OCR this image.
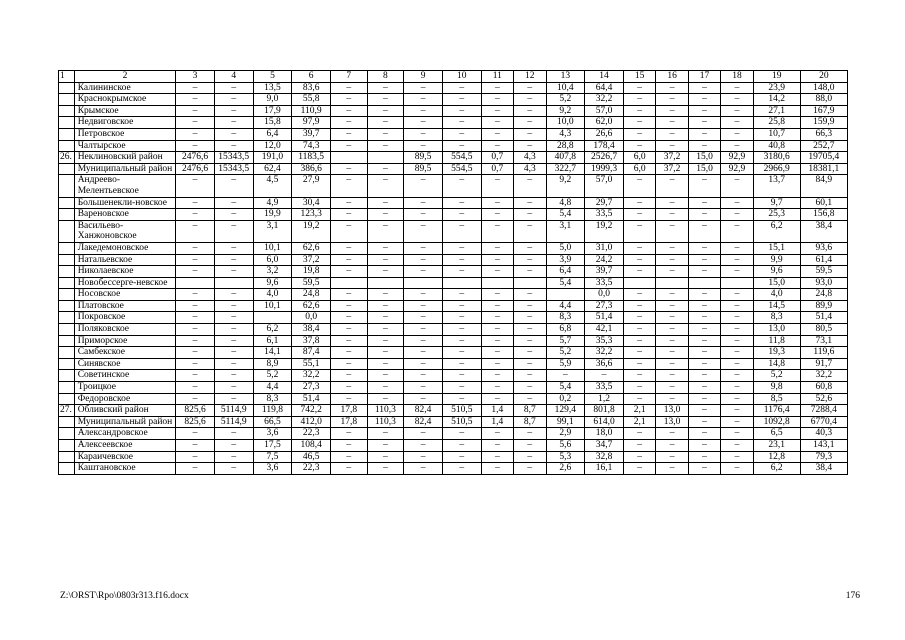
1	2	3	4	5	6	7	8	9	10	11	12	13	14	15	16	17	18	19	20
	Калининское	–	–	13,5	83,6	–	–	–	–	–	–	10,4	64,4	–	–	–	–	23,9	148,0
	Краснокрымское	–	–	9,0	55,8	–	–	–	–	–	–	5,2	32,2	–	–	–	–	14,2	88,0
	Крымское	–	–	17,9	110,9	–	–	–	–	–	–	9,2	57,0	–	–	–	–	27,1	167,9
	Недвиговское	–	–	15,8	97,9	–	–	–	–	–	–	10,0	62,0	–	–	–	–	25,8	159,9
	Петровское	–	–	6,4	39,7	–	–	–	–	–	–	4,3	26,6	–	–	–	–	10,7	66,3
	Чалтырское	–	–	12,0	74,3	–	–	–	–	–	–	28,8	178,4	–	–	–	–	40,8	252,7
26.	Неклиновский район	2476,6	15343,5	191,0	1183,5			89,5	554,5	0,7	4,3	407,8	2526,7	6,0	37,2	15,0	92,9	3180,6	19705,4
	Муниципальный район	2476,6	15343,5	62,4	386,6	–	–	89,5	554,5	0,7	4,3	322,7	1999,3	6,0	37,2	15,0	92,9	2966,9	18381,1
	Андреево-Мелентьевское	–	–	4,5	27,9	–	–	–	–	–	–	9,2	57,0	–	–	–	–	13,7	84,9
	Большенекли-новское	–	–	4,9	30,4	–	–	–	–	–	–	4,8	29,7	–	–	–	–	9,7	60,1
	Вареновское	–	–	19,9	123,3	–	–	–	–	–	–	5,4	33,5	–	–	–	–	25,3	156,8
	Васильево-Ханжоновское	–	–	3,1	19,2	–	–	–	–	–	–	3,1	19,2	–	–	–	–	6,2	38,4
	Лакедемоновское	–	–	10,1	62,6	–	–	–	–	–	–	5,0	31,0	–	–	–	–	15,1	93,6
	Натальевское	–	–	6,0	37,2	–	–	–	–	–	–	3,9	24,2	–	–	–	–	9,9	61,4
	Николаевское	–	–	3,2	19,8	–	–	–	–	–	–	6,4	39,7	–	–	–	–	9,6	59,5
	Новобессерге-невское			9,6	59,5							5,4	33,5					15,0	93,0
	Носовское	–	–	4,0	24,8	–	–	–	–	–	–		0,0	–	–	–	–	4,0	24,8
	Платовское	–	–	10,1	62,6	–	–	–	–	–	–	4,4	27,3	–	–	–	–	14,5	89,9
	Покровское	–	–		0,0	–	–	–	–	–	–	8,3	51,4	–	–	–	–	8,3	51,4
	Поляковское	–	–	6,2	38,4	–	–	–	–	–	–	6,8	42,1	–	–	–	–	13,0	80,5
	Приморское	–	–	6,1	37,8	–	–	–	–	–	–	5,7	35,3	–	–	–	–	11,8	73,1
	Самбекское	–	–	14,1	87,4	–	–	–	–	–	–	5,2	32,2	–	–	–	–	19,3	119,6
	Синявское	–	–	8,9	55,1	–	–	–	–	–	–	5,9	36,6	–	–	–	–	14,8	91,7
	Советинское	–	–	5,2	32,2	–	–	–	–	–	–	–	–	–	–	–	–	5,2	32,2
	Троицкое	–	–	4,4	27,3	–	–	–	–	–	–	5,4	33,5	–	–	–	–	9,8	60,8
	Федоровское	–	–	8,3	51,4	–	–	–	–	–	–	0,2	1,2	–	–	–	–	8,5	52,6
27.	Обливский район	825,6	5114,9	119,8	742,2	17,8	110,3	82,4	510,5	1,4	8,7	129,4	801,8	2,1	13,0	–	–	1176,4	7288,4
	Муниципальный район	825,6	5114,9	66,5	412,0	17,8	110,3	82,4	510,5	1,4	8,7	99,1	614,0	2,1	13,0	–	–	1092,8	6770,4
	Александровское	–	–	3,6	22,3	–	–	–	–	–	–	2,9	18,0	–	–	–	–	6,5	40,3
	Алексеевское	–	–	17,5	108,4	–	–	–	–	–	–	5,6	34,7	–	–	–	–	23,1	143,1
	Караичевское	–	–	7,5	46,5	–	–	–	–	–	–	5,3	32,8	–	–	–	–	12,8	79,3
	Каштановское	–	–	3,6	22,3	–	–	–	–	–	–	2,6	16,1	–	–	–	–	6,2	38,4
Z:\ORST\Rpo\0803r313.f16.docx	176
